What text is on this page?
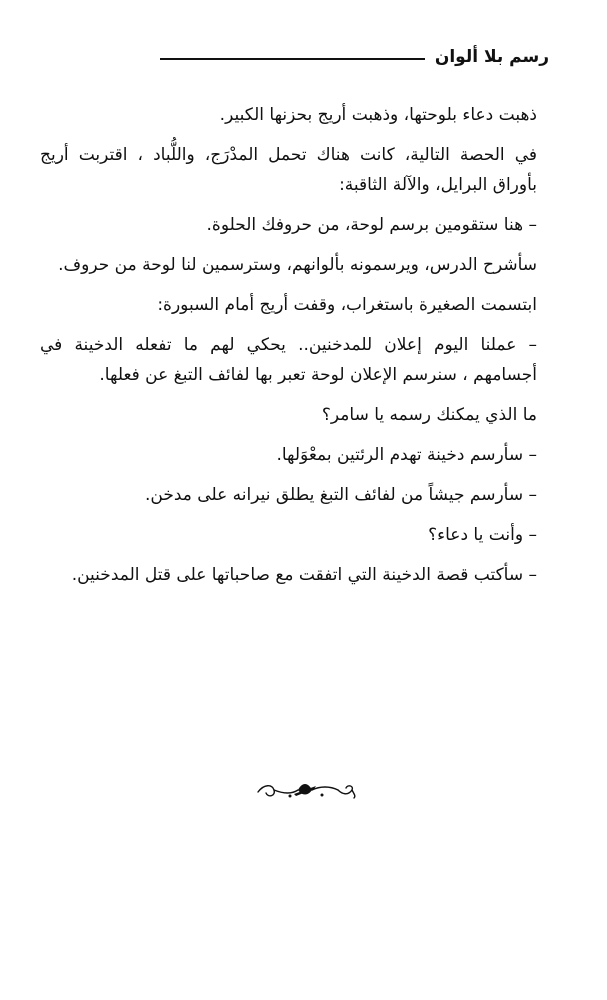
رسم بلا ألوان

ذهبت دعاء بلوحتها، وذهبت أريج بحزنها الكبير.

في الحصة التالية، كانت هناك تحمل المدْرَج، واللُّباد ، اقتربت أريج بأوراق البرايل، والآلة الثاقبة:

– هنا ستقومين برسم لوحة، من حروفك الحلوة.

سأشرح الدرس، ويرسمونه بألوانهم، وسترسمين لنا لوحة من حروف.

ابتسمت الصغيرة باستغراب، وقفت أريج أمام السبورة:

– عملنا اليوم إعلان للمدخنين.. يحكي لهم ما تفعله الدخينة في أجسامهم ، سنرسم الإعلان لوحة تعبر بها لفائف التبغ عن فعلها.

ما الذي يمكنك رسمه يا سامر؟

– سأرسم دخينة تهدم الرئتين بمعْوَلها.

– سأرسم جيشاً من لفائف التبغ يطلق نيرانه على مدخن.

– وأنت يا دعاء؟

– سأكتب قصة الدخينة التي اتفقت مع صاحباتها على قتل المدخنين.
